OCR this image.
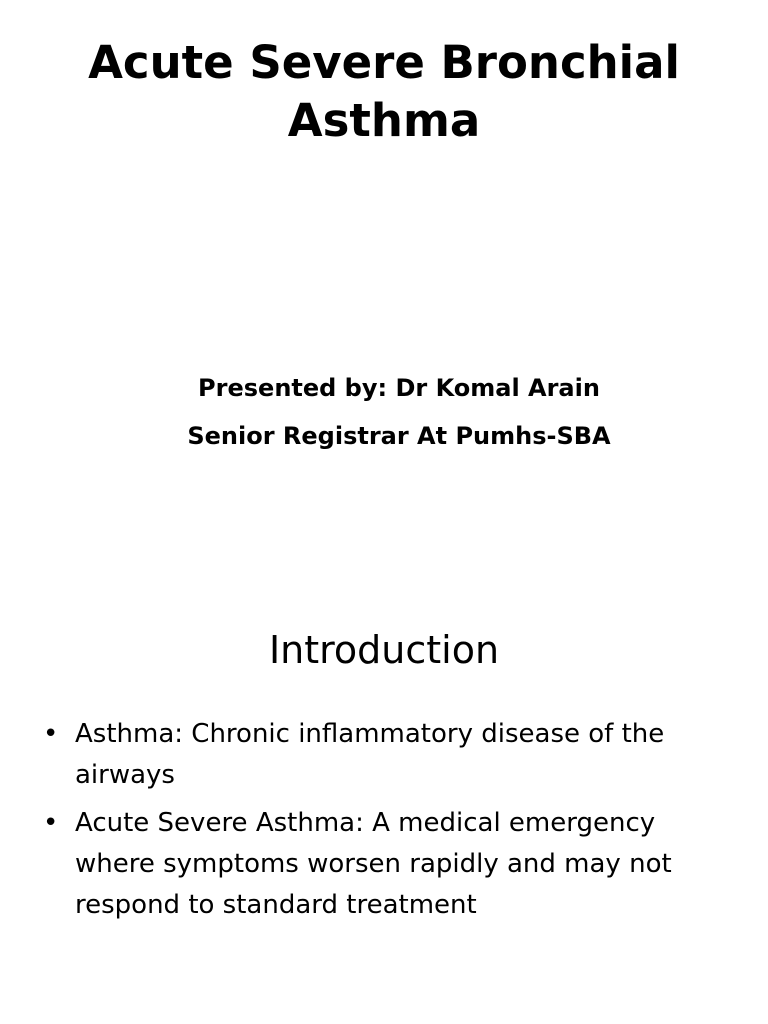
Acute Severe Bronchial
Asthma
Presented by: Dr Komal Arain
Senior Registrar At Pumhs-SBA
Introduction
• Asthma: Chronic inflammatory disease of the airways
• Acute Severe Asthma: A medical emergency where symptoms worsen rapidly and may not respond to standard treatment
